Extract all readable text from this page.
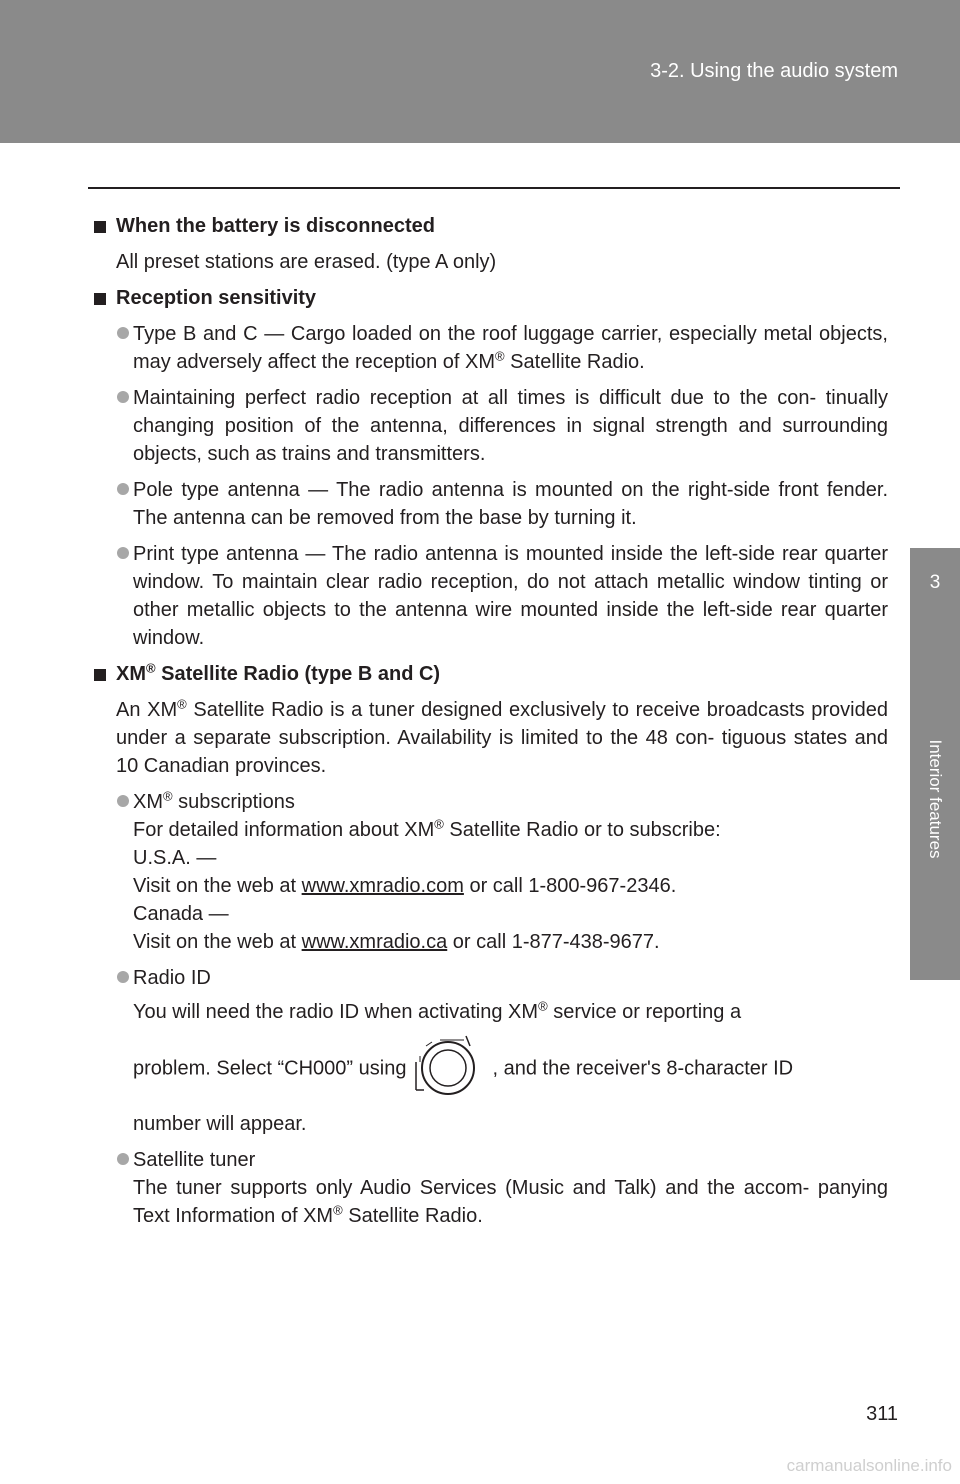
3-2. Using the audio system
3
Interior features
When the battery is disconnected
All preset stations are erased. (type A only)
Reception sensitivity
Type B and C — Cargo loaded on the roof luggage carrier, especially metal objects, may adversely affect the reception of XM® Satellite Radio.
Maintaining perfect radio reception at all times is difficult due to the con- tinually changing position of the antenna, differences in signal strength and surrounding objects, such as trains and transmitters.
Pole type antenna — The radio antenna is mounted on the right-side front fender. The antenna can be removed from the base by turning it.
Print type antenna — The radio antenna is mounted inside the left-side rear quarter window. To maintain clear radio reception, do not attach metallic window tinting or other metallic objects to the antenna wire mounted inside the left-side rear quarter window.
XM® Satellite Radio (type B and C)
An XM® Satellite Radio is a tuner designed exclusively to receive broadcasts provided under a separate subscription. Availability is limited to the 48 con- tiguous states and 10 Canadian provinces.
XM® subscriptions
For detailed information about XM® Satellite Radio or to subscribe:
U.S.A. —
Visit on the web at www.xmradio.com or call 1-800-967-2346.
Canada —
Visit on the web at www.xmradio.ca or call 1-877-438-9677.
Radio ID
You will need the radio ID when activating XM® service or reporting a
problem. Select “CH000” using	, and the receiver's 8-character ID
number will appear.
Satellite tuner
The tuner supports only Audio Services (Music and Talk) and the accom- panying Text Information of XM® Satellite Radio.
311
carmanualsonline.info
